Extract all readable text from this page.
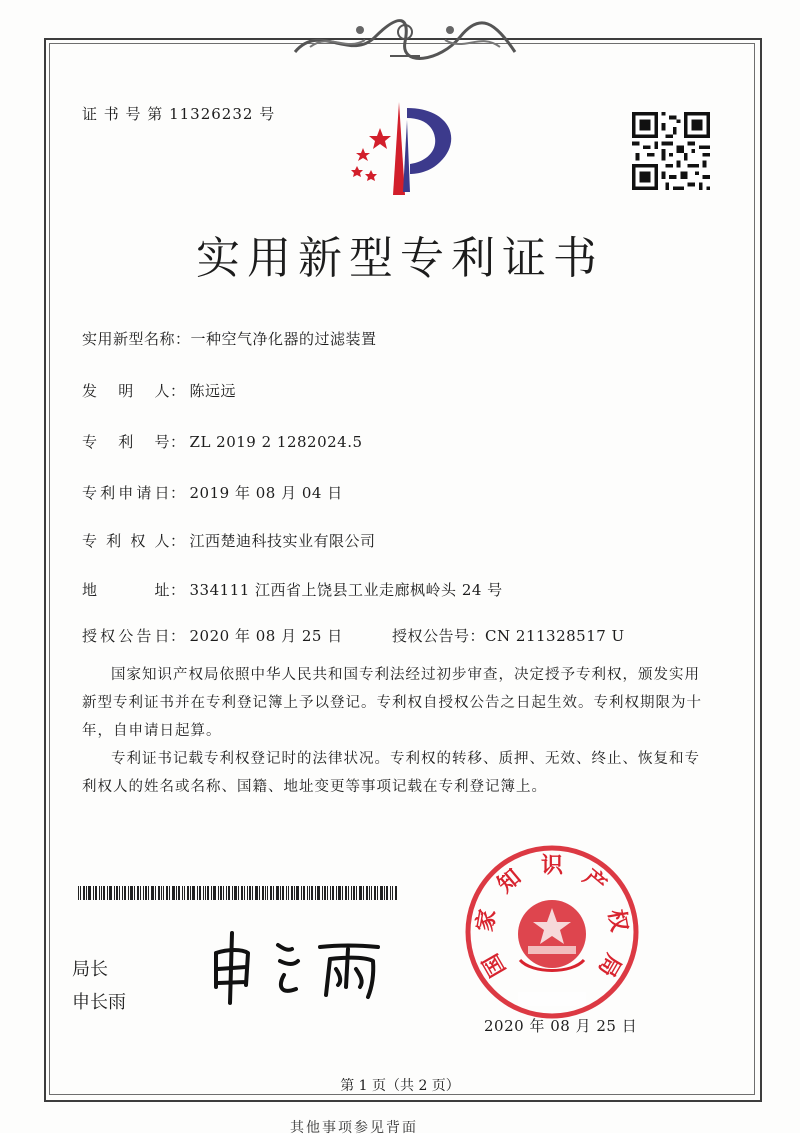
证 书 号 第 11326232 号
实用新型专利证书
实用新型名称：一种空气净化器的过滤装置
发 明 人： 陈远远
专 利 号： ZL 2019 2 1282024.5
专利申请日： 2019 年 08 月 04 日
专 利 权 人： 江西楚迪科技实业有限公司
地 址： 334111 江西省上饶县工业走廊枫岭头 24 号
授权公告日： 2020 年 08 月 25 日	授权公告号：CN 211328517 U
国家知识产权局依照中华人民共和国专利法经过初步审查，决定授予专利权，颁发实用新型专利证书并在专利登记簿上予以登记。专利权自授权公告之日起生效。专利权期限为十年，自申请日起算。
专利证书记载专利权登记时的法律状况。专利权的转移、质押、无效、终止、恢复和专利权人的姓名或名称、国籍、地址变更等事项记载在专利登记簿上。
局长
申长雨
国
家
知 识 产
权
局
2020 年 08 月 25 日
第 1 页（共 2 页）
其他事项参见背面
